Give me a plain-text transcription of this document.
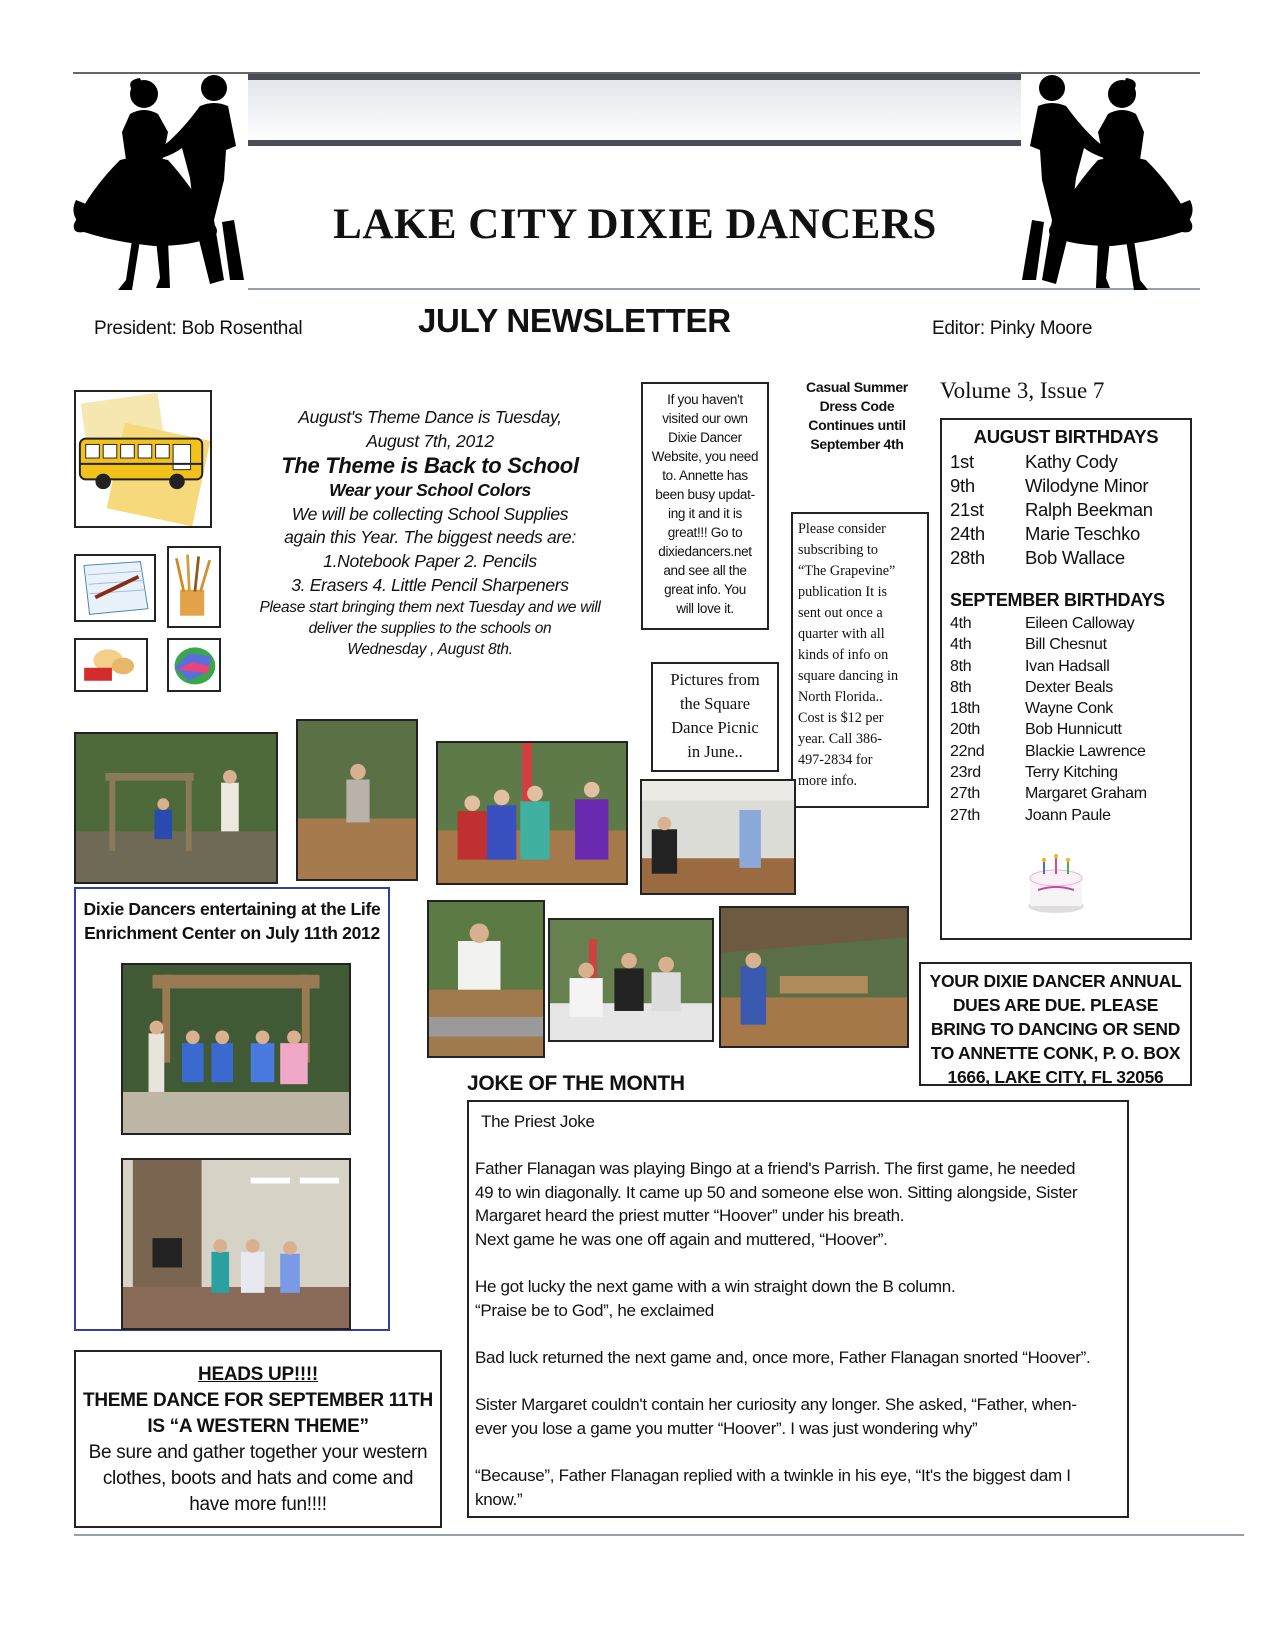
LAKE CITY DIXIE DANCERS
President: Bob Rosenthal	JULY NEWSLETTER	Editor: Pinky Moore
August's Theme Dance is Tuesday,
August 7th, 2012
The Theme is Back to School
Wear your School Colors
We will be collecting School Supplies
again this Year. The biggest needs are:
1.Notebook Paper 2. Pencils
3. Erasers 4. Little Pencil Sharpeners
Please start bringing them next Tuesday and we will
deliver the supplies to the schools on
Wednesday , August 8th.
If you haven't
visited our own
Dixie Dancer
Website, you need
to. Annette has
been busy updat-
ing it and it is
great!!! Go to
dixiedancers.net
and see all the
great info. You
will love it.
Casual Summer
Dress Code
Continues until
September 4th
Volume 3, Issue 7
Please consider
subscribing to
“The Grapevine”
publication It is
sent out once a
quarter with all
kinds of info on
square dancing in
North Florida..
Cost is $12 per
year. Call 386-
497-2834 for
more info.
Pictures from
the Square
Dance Picnic
in June..
AUGUST BIRTHDAYS
1st	Kathy Cody
9th	Wilodyne Minor
21st	Ralph Beekman
24th	Marie Teschko
28th	Bob Wallace
SEPTEMBER BIRTHDAYS
4th	Eileen Calloway
4th	Bill Chesnut
8th	Ivan Hadsall
8th	Dexter Beals
18th	Wayne Conk
20th	Bob Hunnicutt
22nd	Blackie Lawrence
23rd	Terry Kitching
27th	Margaret Graham
27th	Joann Paule
YOUR DIXIE DANCER ANNUAL
DUES ARE DUE. PLEASE
BRING TO DANCING OR SEND
TO ANNETTE CONK, P. O. BOX
1666, LAKE CITY, FL 32056
Dixie Dancers entertaining at the Life
Enrichment Center on July 11th 2012
HEADS UP!!!!
THEME DANCE FOR SEPTEMBER 11TH
IS “A WESTERN THEME”
Be sure and gather together your western
clothes, boots and hats and come and
have more fun!!!!
JOKE OF THE MONTH
The Priest Joke
Father Flanagan was playing Bingo at a friend's Parrish. The first game, he needed
49 to win diagonally. It came up 50 and someone else won. Sitting alongside, Sister
Margaret heard the priest mutter “Hoover” under his breath.
Next game he was one off again and muttered, “Hoover”.
He got lucky the next game with a win straight down the B column.
“Praise be to God”, he exclaimed
Bad luck returned the next game and, once more, Father Flanagan snorted “Hoover”.
Sister Margaret couldn't contain her curiosity any longer. She asked, “Father, when-
ever you lose a game you mutter “Hoover”. I was just wondering why”
“Because”, Father Flanagan replied with a twinkle in his eye, “It's the biggest dam I
know.”
